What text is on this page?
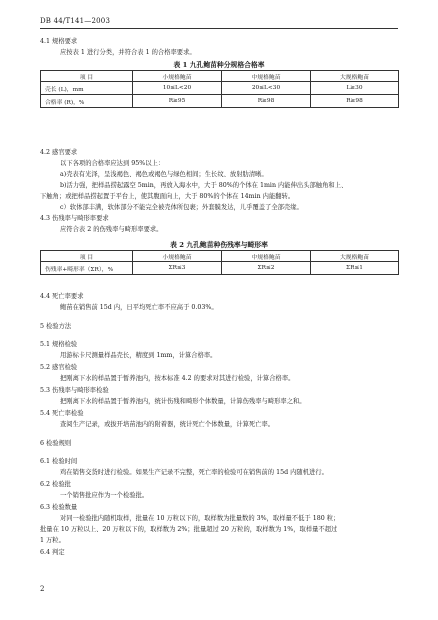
DB 44/T141—2003
4.1 规格要求
应按表 1 进行分类，并符合表 1 的合格率要求。
表 1 九孔鲍苗种分规格合格率
项 目	小规格鲍苗	中规格鲍苗	大规格鲍苗
壳长 (L)，mm	10≤L<20	20≤L<30	L≥30
合格率 (R)，%	R≥95	R≥98	R≥98
4.2 感官要求
以下各项的合格率应达到 95%以上：
a)壳表有光泽，呈浅褐色、褐色或褐色与绿色相间；生长纹、放射肋清晰。
b)活力强，把样品捞起露空 5min，再放入海水中，大于 80%的个体在 1min 内能伸出头部触角和上、
下触角；或把样品捞起置于平台上，使其腹面向上，大于 80%的个体在 14min 内能翻转。
c）软体部丰满，软体部分不能完全被壳体所包裹；外套膜发达，儿乎覆盖了全部壳缘。
4.3 伤残率与畸形率要求
应符合表 2 的伤残率与畸形率要求。
表 2 九孔鲍苗种伤残率与畸形率
项 目	小规格鲍苗	中规格鲍苗	大规格鲍苗
伤残率+畸形率（ΣR），%	ΣR≤3	ΣR≤2	ΣR≤1
4.4 死亡率要求
鲍苗在销售前 15d 内，日平均死亡率不应高于 0.03%。
5 检验方法
5.1 规格检验
用游标卡尺测量样品壳长，精度到 1mm，计算合格率。
5.2 感官检验
把刚离下水的样品置于暂养池内，按本标准 4.2 的要求对其进行检验，计算合格率。
5.3 伤残率与畸形率检验
把刚离下水的样品置于暂养池内，统计伤残和畸形个体数量，计算伤残率与畸形率之和。
5.4 死亡率检验
查阅生产记录，或拔开培苗池内的附着器，统计死亡个体数量，计算死亡率。
6 检验规则
6.1 检验时间
鸡在销售交货时进行检验。如果生产记录不完整，死亡率的检验可在销售前的 15d 内随机进行。
6.2 检验批
一个销售批应作为一个检验批。
6.3 检验数量
对同一检验批内随机取样，批量在 10 万粒以下的，取样数为批量数的 3%，取样量不低于 180 粒；
批量在 10 万粒以上、20 万粒以下的，取样数为 2%；批量超过 20 万粒的，取样数为 1%，取样量不超过
1 万粒。
6.4 判定
2
